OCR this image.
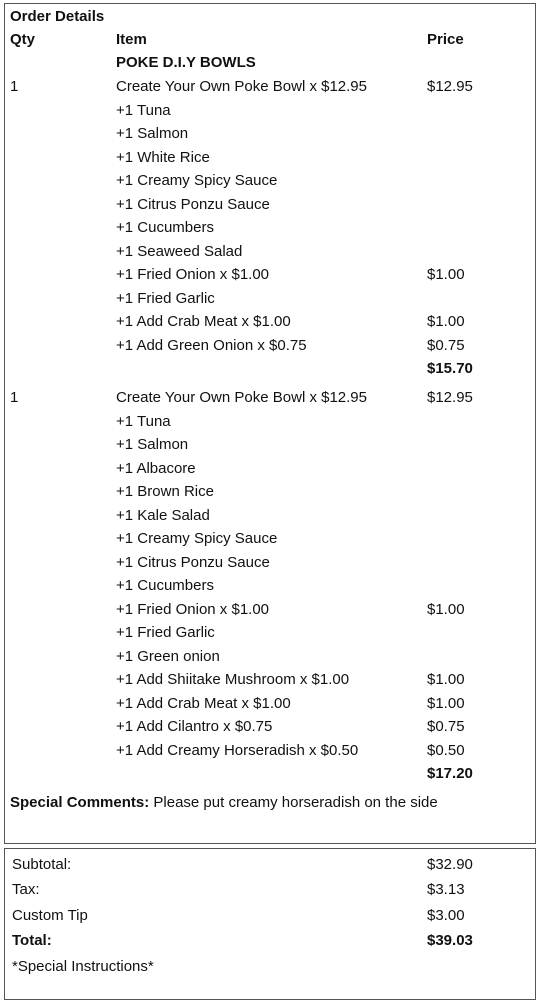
Order Details
Qty	Item	Price
POKE D.I.Y BOWLS
1	Create Your Own Poke Bowl x $12.95	$12.95
+1 Tuna
+1 Salmon
+1 White Rice
+1 Creamy Spicy Sauce
+1 Citrus Ponzu Sauce
+1 Cucumbers
+1 Seaweed Salad
+1 Fried Onion x $1.00	$1.00
+1 Fried Garlic
+1 Add Crab Meat x $1.00	$1.00
+1 Add Green Onion x $0.75	$0.75
$15.70
1	Create Your Own Poke Bowl x $12.95	$12.95
+1 Tuna
+1 Salmon
+1 Albacore
+1 Brown Rice
+1 Kale Salad
+1 Creamy Spicy Sauce
+1 Citrus Ponzu Sauce
+1 Cucumbers
+1 Fried Onion x $1.00	$1.00
+1 Fried Garlic
+1 Green onion
+1 Add Shiitake Mushroom x $1.00	$1.00
+1 Add Crab Meat x $1.00	$1.00
+1 Add Cilantro x $0.75	$0.75
+1 Add Creamy Horseradish x $0.50	$0.50
$17.20
Special Comments: Please put creamy horseradish on the side
Subtotal:	$32.90
Tax:	$3.13
Custom Tip	$3.00
Total:	$39.03
*Special Instructions*
